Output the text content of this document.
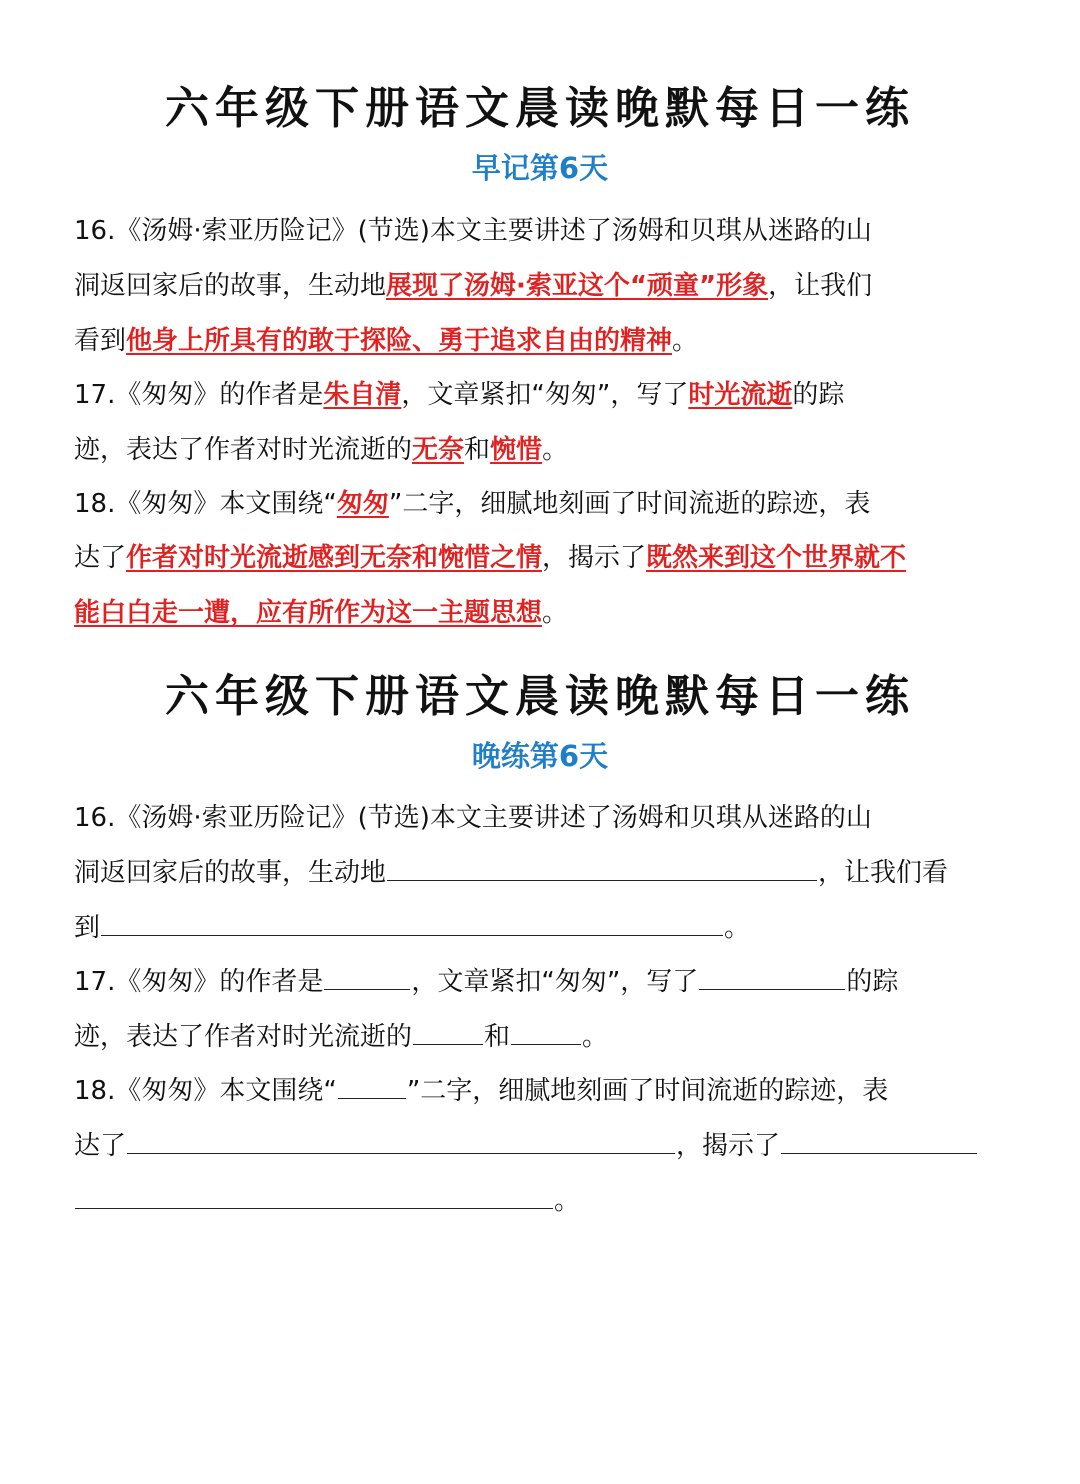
六年级下册语文晨读晚默每日一练
早记第6天
16.《汤姆·索亚历险记》(节选)本文主要讲述了汤姆和贝琪从迷路的山
洞返回家后的故事，生动地展现了汤姆·索亚这个“顽童”形象，让我们
看到他身上所具有的敢于探险、勇于追求自由的精神。
17.《匆匆》的作者是朱自清，文章紧扣“匆匆”，写了时光流逝的踪
迹，表达了作者对时光流逝的无奈和惋惜。
18.《匆匆》本文围绕“匆匆”二字，细腻地刻画了时间流逝的踪迹，表
达了作者对时光流逝感到无奈和惋惜之情，揭示了既然来到这个世界就不
能白白走一遭，应有所作为这一主题思想。
六年级下册语文晨读晚默每日一练
晚练第6天
16.《汤姆·索亚历险记》(节选)本文主要讲述了汤姆和贝琪从迷路的山
洞返回家后的故事，生动地	，让我们看
到	。
17.《匆匆》的作者是	，文章紧扣“匆匆”，写了	的踪
迹，表达了作者对时光流逝的	和	。
18.《匆匆》本文围绕“	”二字，细腻地刻画了时间流逝的踪迹，表
达了	，揭示了
。
